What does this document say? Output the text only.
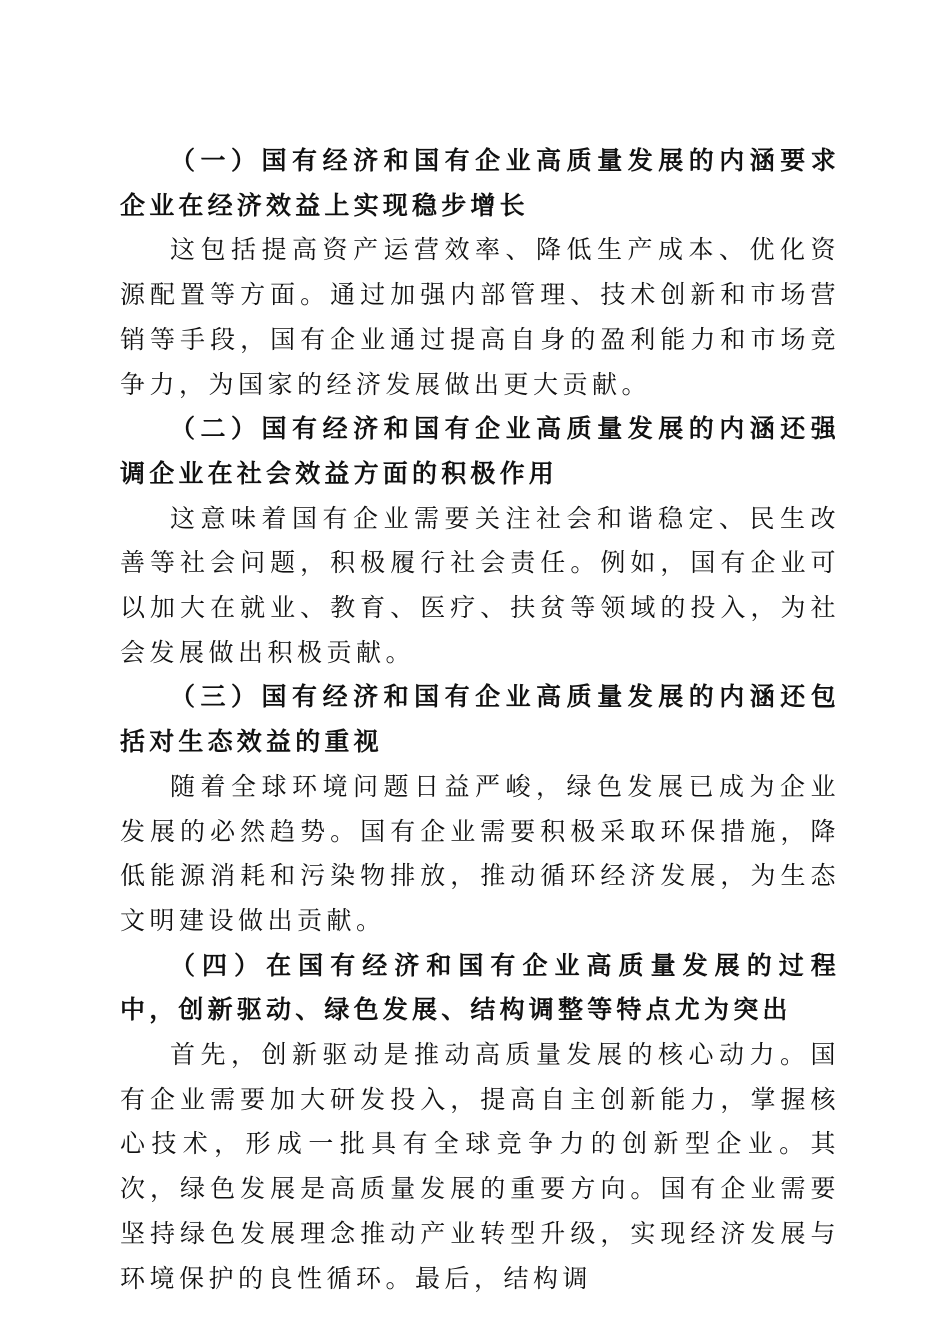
（一）国有经济和国有企业高质量发展的内涵要求企业在经济效益上实现稳步增长

这包括提高资产运营效率、降低生产成本、优化资源配置等方面。通过加强内部管理、技术创新和市场营销等手段，国有企业通过提高自身的盈利能力和市场竞争力，为国家的经济发展做出更大贡献。

（二）国有经济和国有企业高质量发展的内涵还强调企业在社会效益方面的积极作用

这意味着国有企业需要关注社会和谐稳定、民生改善等社会问题，积极履行社会责任。例如，国有企业可以加大在就业、教育、医疗、扶贫等领域的投入，为社会发展做出积极贡献。

（三）国有经济和国有企业高质量发展的内涵还包括对生态效益的重视

随着全球环境问题日益严峻，绿色发展已成为企业发展的必然趋势。国有企业需要积极采取环保措施，降低能源消耗和污染物排放，推动循环经济发展，为生态文明建设做出贡献。

（四）在国有经济和国有企业高质量发展的过程中，创新驱动、绿色发展、结构调整等特点尤为突出

首先，创新驱动是推动高质量发展的核心动力。国有企业需要加大研发投入，提高自主创新能力，掌握核心技术，形成一批具有全球竞争力的创新型企业。其次，绿色发展是高质量发展的重要方向。国有企业需要坚持绿色发展理念推动产业转型升级，实现经济发展与环境保护的良性循环。最后，结构调
